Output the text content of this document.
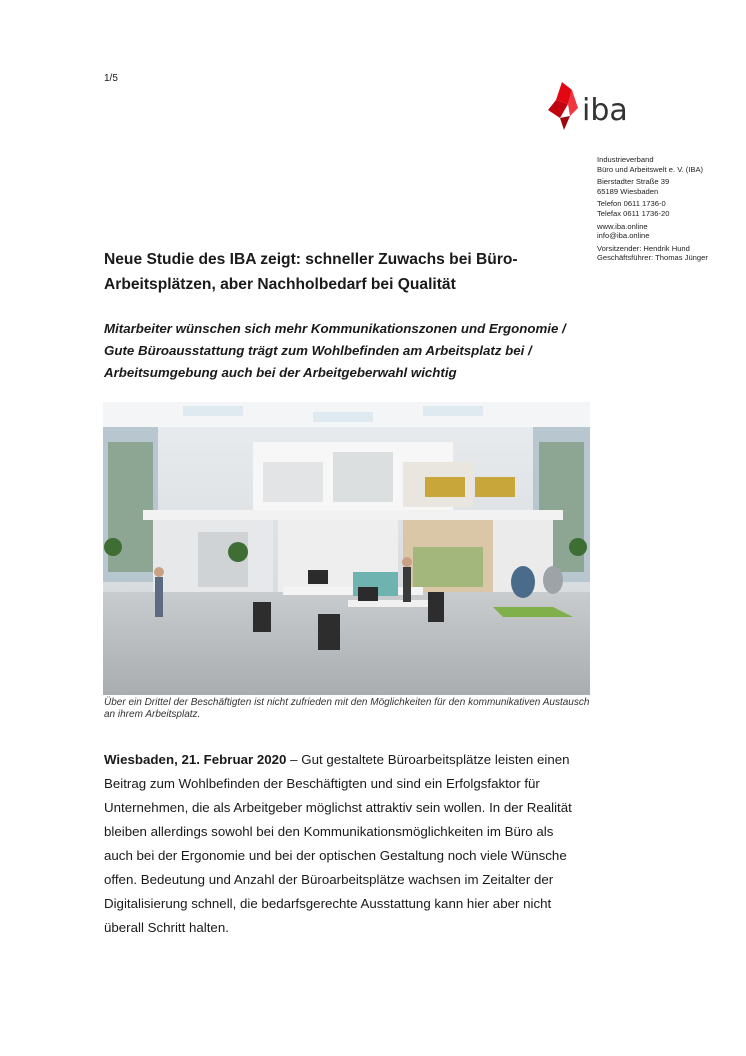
1/5
iba
Industrieverband
Büro und Arbeitswelt e. V. (IBA)
Bierstadter Straße 39
65189 Wiesbaden
Telefon 0611 1736-0
Telefax 0611 1736-20
www.iba.online
info@iba.online
Vorsitzender: Hendrik Hund
Geschäftsführer: Thomas Jünger
Neue Studie des IBA zeigt: schneller Zuwachs bei Büro-Arbeitsplätzen, aber Nachholbedarf bei Qualität

Mitarbeiter wünschen sich mehr Kommunikationszonen und Ergonomie / Gute Büroausstattung trägt zum Wohlbefinden am Arbeitsplatz bei / Arbeitsumgebung auch bei der Arbeitgeberwahl wichtig

Über ein Drittel der Beschäftigten ist nicht zufrieden mit den Möglichkeiten für den kommunikativen Austausch an ihrem Arbeitsplatz.

Wiesbaden, 21. Februar 2020 – Gut gestaltete Büroarbeitsplätze leisten einen Beitrag zum Wohlbefinden der Beschäftigten und sind ein Erfolgsfaktor für Unternehmen, die als Arbeitgeber möglichst attraktiv sein wollen. In der Realität bleiben allerdings sowohl bei den Kommunikationsmöglichkeiten im Büro als auch bei der Ergonomie und bei der optischen Gestaltung noch viele Wünsche offen. Bedeutung und Anzahl der Büroarbeitsplätze wachsen im Zeitalter der Digitalisierung schnell, die bedarfsgerechte Ausstattung kann hier aber nicht überall Schritt halten.
